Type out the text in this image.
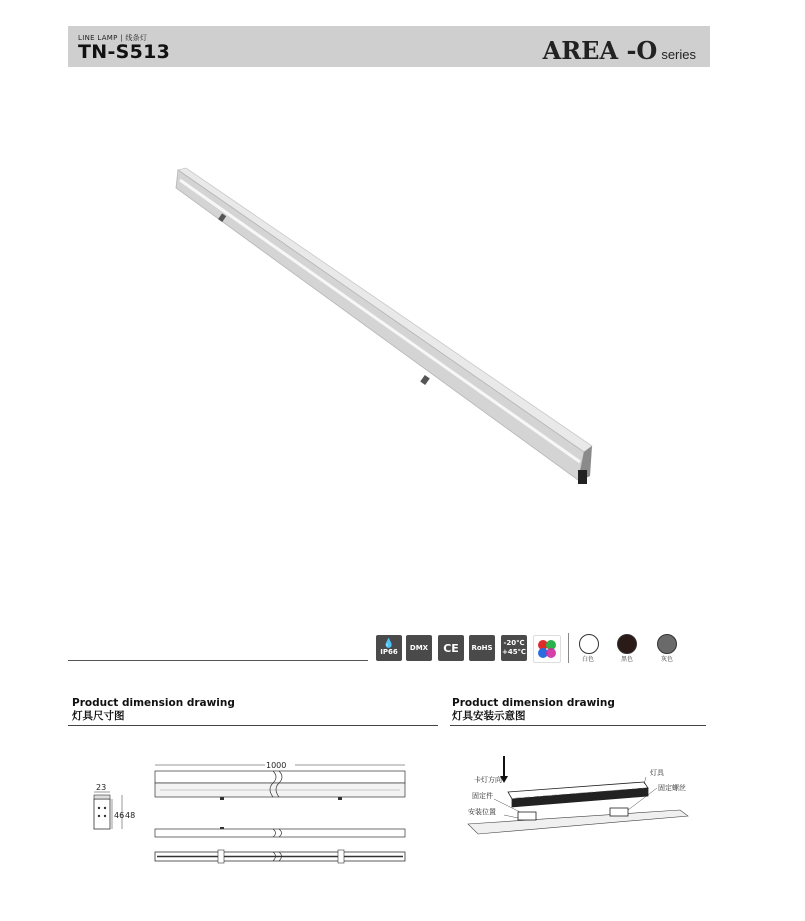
LINE LAMP | 线条灯
TN-S513	AREA -O series
💧
IP66 DMX CE RoHS
-20℃
+45℃
白色	黑色	灰色
Product dimension drawing
灯具尺寸图
Product dimension drawing
灯具安装示意图
23
46 48
1000
卡灯方向
灯具
固定螺丝
固定件
安装位置
